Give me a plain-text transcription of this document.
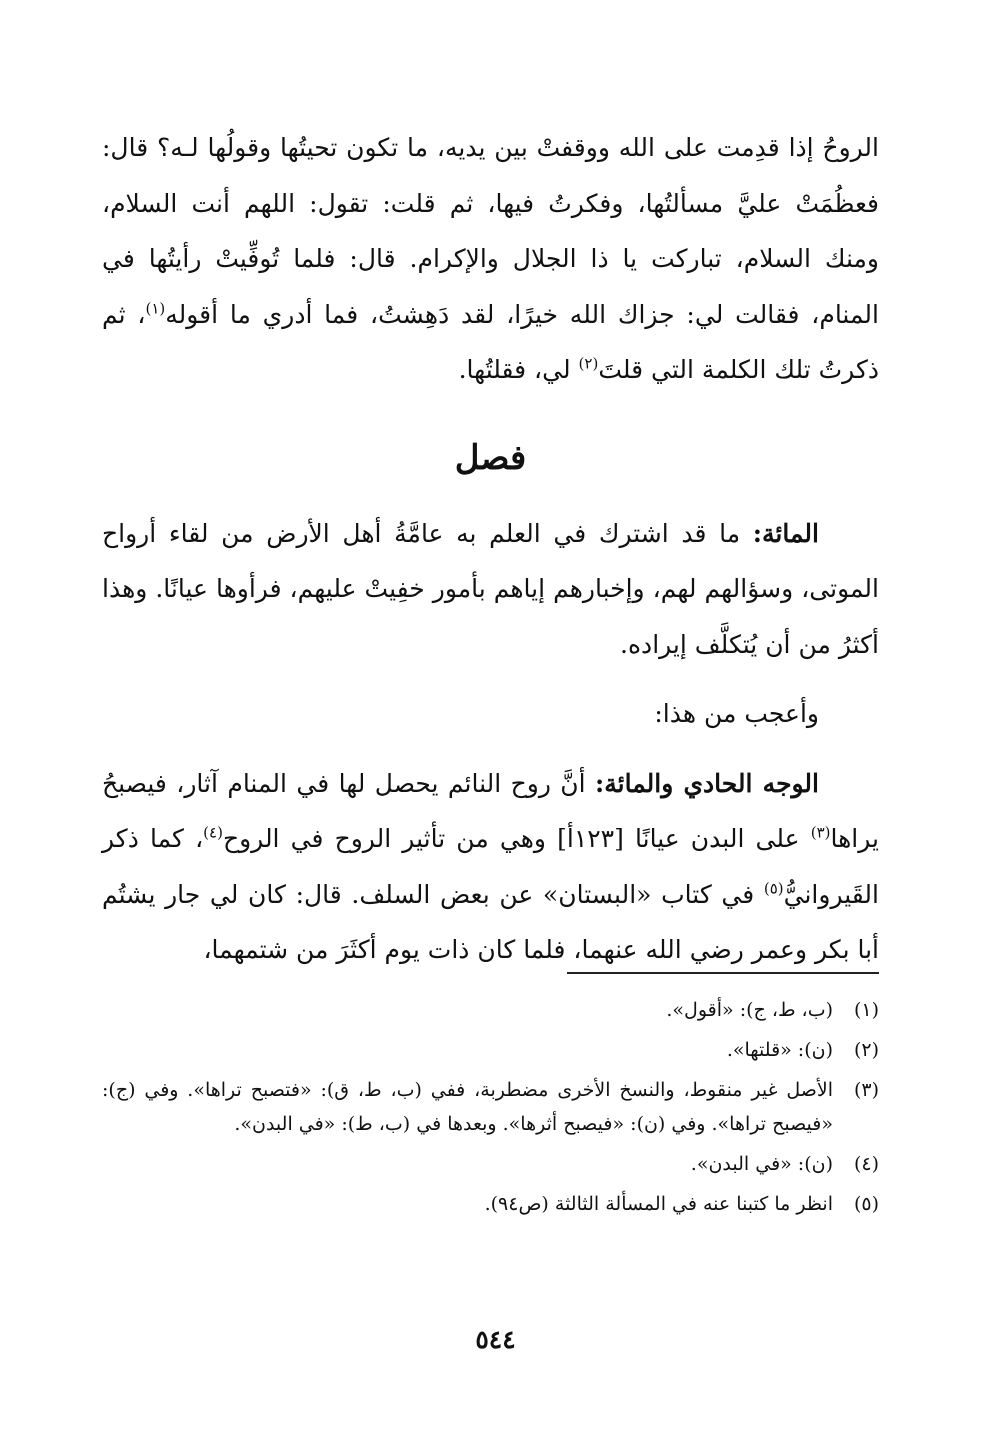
الروحُ إذا قدِمت على الله ووقفتْ بين يديه، ما تكون تحيتُها وقولُها لـه؟ قال: فعظُمَتْ عليَّ مسألتُها، وفكرتُ فيها، ثم قلت: تقول: اللهم أنت السلام، ومنك السلام، تباركت يا ذا الجلال والإكرام. قال: فلما تُوفِّيتْ رأيتُها في المنام، فقالت لي: جزاك الله خيرًا، لقد دَهِشتُ، فما أدري ما أقوله$^{(١)}$، ثم ذكرتُ تلك الكلمة التي قلتَ$^{(٢)}$ لي، فقلتُها.

فصل

المائة: ما قد اشترك في العلم به عامَّةُ أهل الأرض من لقاء أرواح الموتى، وسؤالهم لهم، وإخبارهم إياهم بأمور خفِيتْ عليهم، فرأوها عيانًا. وهذا أكثرُ من أن يُتكلَّف إيراده.

وأعجب من هذا:

الوجه الحادي والمائة: أنَّ روح النائم يحصل لها في المنام آثار، فيصبحُ يراها$^{(٣)}$ على البدن عيانًا [١٢٣أ] وهي من تأثير الروح في الروح$^{(٤)}$، كما ذكر القَيروانيُّ$^{(٥)}$ في كتاب «البستان» عن بعض السلف. قال: كان لي جار يشتُم أبا بكر وعمر رضي الله عنهما، فلما كان ذات يوم أكثَرَ من شتمهما،

(١)
(ب، ط، ج): «أقول».
(٢)
(ن): «قلتها».
(٣)
الأصل غير منقوط، والنسخ الأخرى مضطربة، ففي (ب، ط، ق): «فتصبح تراها». وفي (ج): «فيصبح تراها». وفي (ن): «فيصبح أثرها». وبعدها في (ب، ط): «في البدن».
(٤)
(ن): «في البدن».
(٥)
انظر ما كتبنا عنه في المسألة الثالثة (ص٩٤).
٥٤٤
